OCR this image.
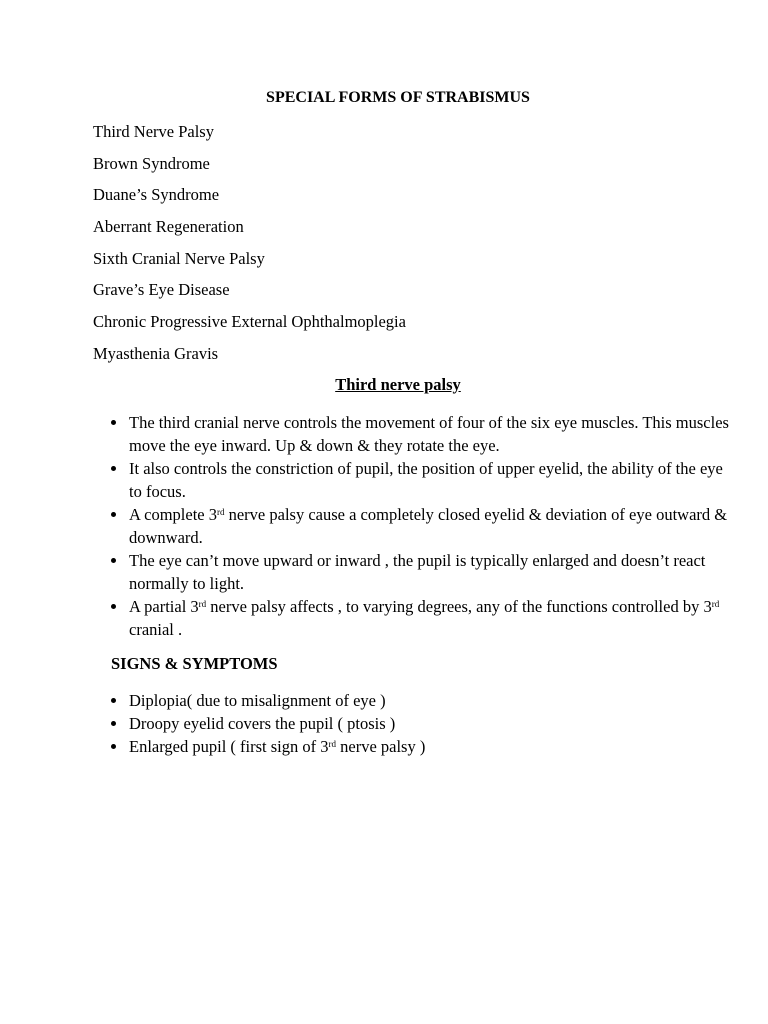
SPECIAL FORMS OF STRABISMUS
Third Nerve Palsy
Brown Syndrome
Duane’s Syndrome
Aberrant Regeneration
Sixth Cranial Nerve Palsy
Grave’s Eye Disease
Chronic Progressive External Ophthalmoplegia
Myasthenia Gravis
Third nerve palsy
The third cranial nerve controls the movement of four of the six eye muscles. This muscles move the eye inward. Up & down & they rotate the eye.
It also controls the constriction of pupil, the position of upper eyelid, the ability of the eye to focus.
A complete 3rd nerve palsy cause a completely closed eyelid & deviation of eye outward & downward.
The eye can’t move upward or inward , the pupil is typically enlarged and doesn’t react normally to light.
A partial 3rd nerve palsy affects , to varying degrees, any of the functions controlled by 3rd cranial .
SIGNS & SYMPTOMS
Diplopia( due to misalignment of eye )
Droopy eyelid covers the pupil ( ptosis )
Enlarged pupil ( first sign of 3rd nerve palsy )
